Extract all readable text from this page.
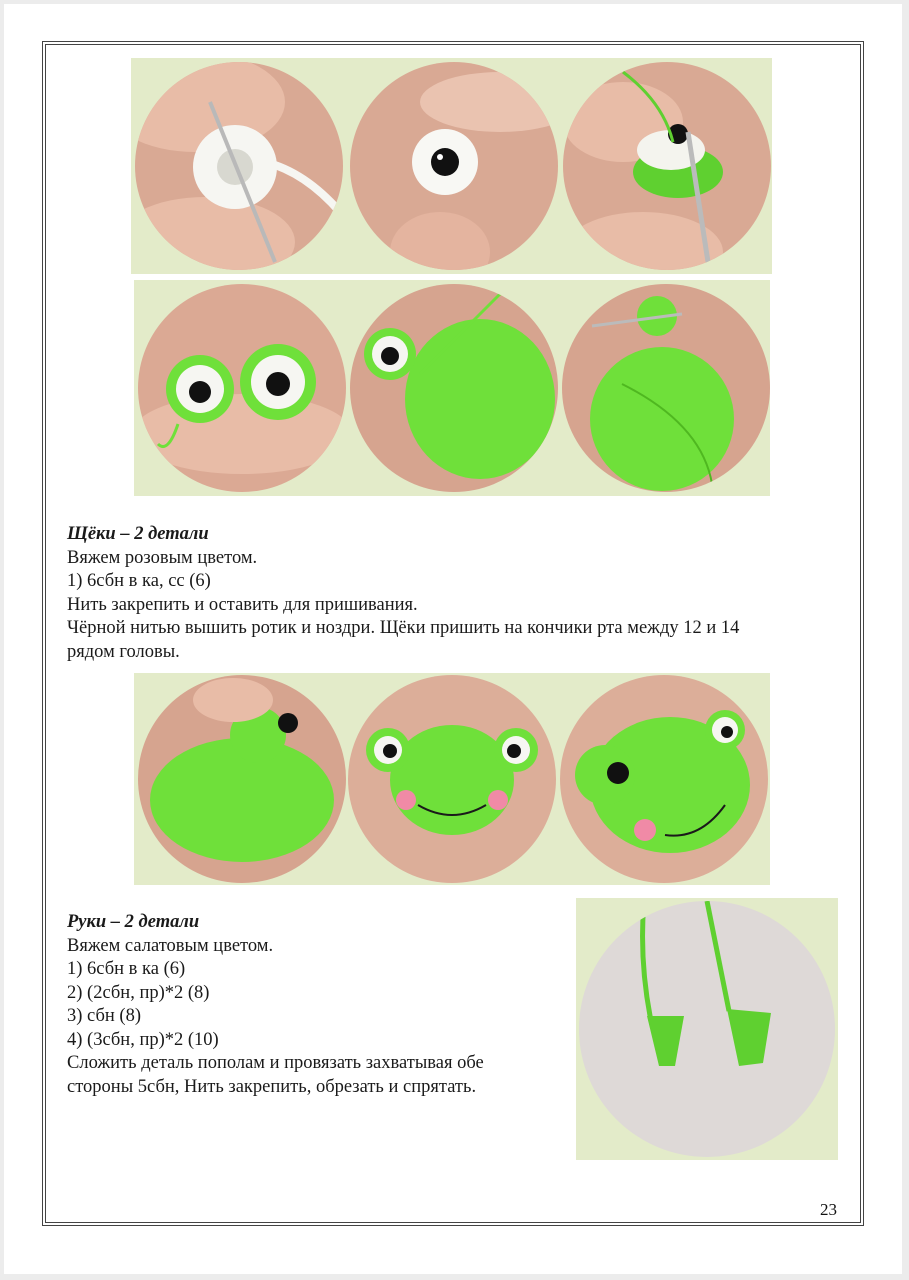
Щёки – 2 детали
Вяжем розовым цветом.
1) 6сбн в ка, сс (6)
Нить закрепить и оставить для пришивания.
Чёрной нитью вышить ротик и ноздри. Щёки пришить на кончики рта между 12 и 14
рядом головы.
Руки – 2 детали
Вяжем салатовым цветом.
1) 6сбн в ка (6)
2) (2сбн, пр)*2 (8)
3) сбн (8)
4) (3сбн, пр)*2 (10)
Сложить деталь пополам и провязать захватывая обе
стороны 5сбн, Нить закрепить, обрезать и спрятать.
23
